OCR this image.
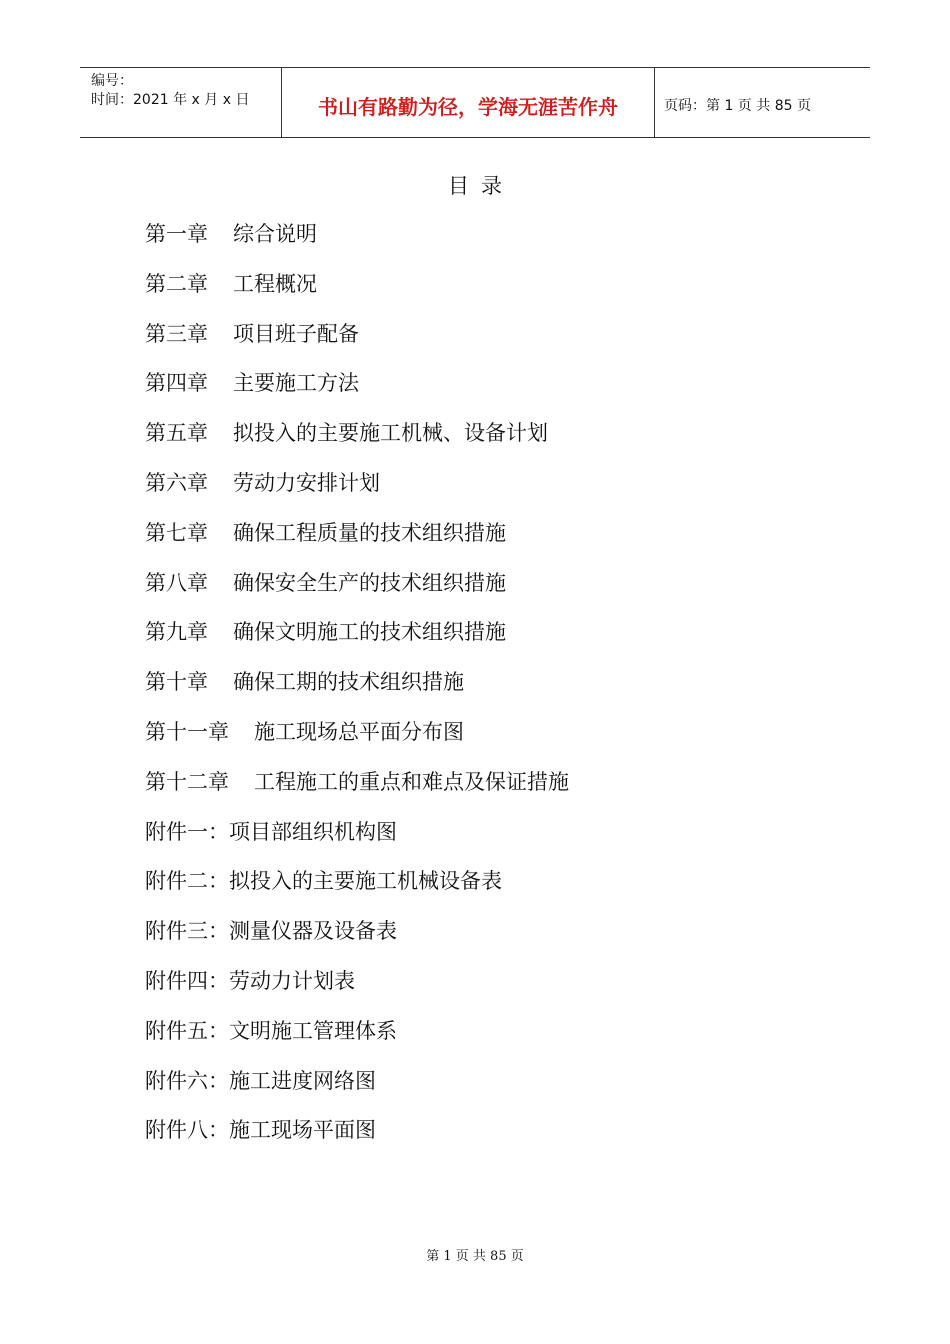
编号：
时间：2021 年 x 月 x 日	书山有路勤为径，学海无涯苦作舟	页码：第 1 页 共 85 页
目录
第一章 综合说明
第二章 工程概况
第三章 项目班子配备
第四章 主要施工方法
第五章 拟投入的主要施工机械、设备计划
第六章 劳动力安排计划
第七章 确保工程质量的技术组织措施
第八章 确保安全生产的技术组织措施
第九章 确保文明施工的技术组织措施
第十章 确保工期的技术组织措施
第十一章 施工现场总平面分布图
第十二章 工程施工的重点和难点及保证措施
附件一：项目部组织机构图
附件二：拟投入的主要施工机械设备表
附件三：测量仪器及设备表
附件四：劳动力计划表
附件五：文明施工管理体系
附件六：施工进度网络图
附件八：施工现场平面图
第 1 页 共 85 页
